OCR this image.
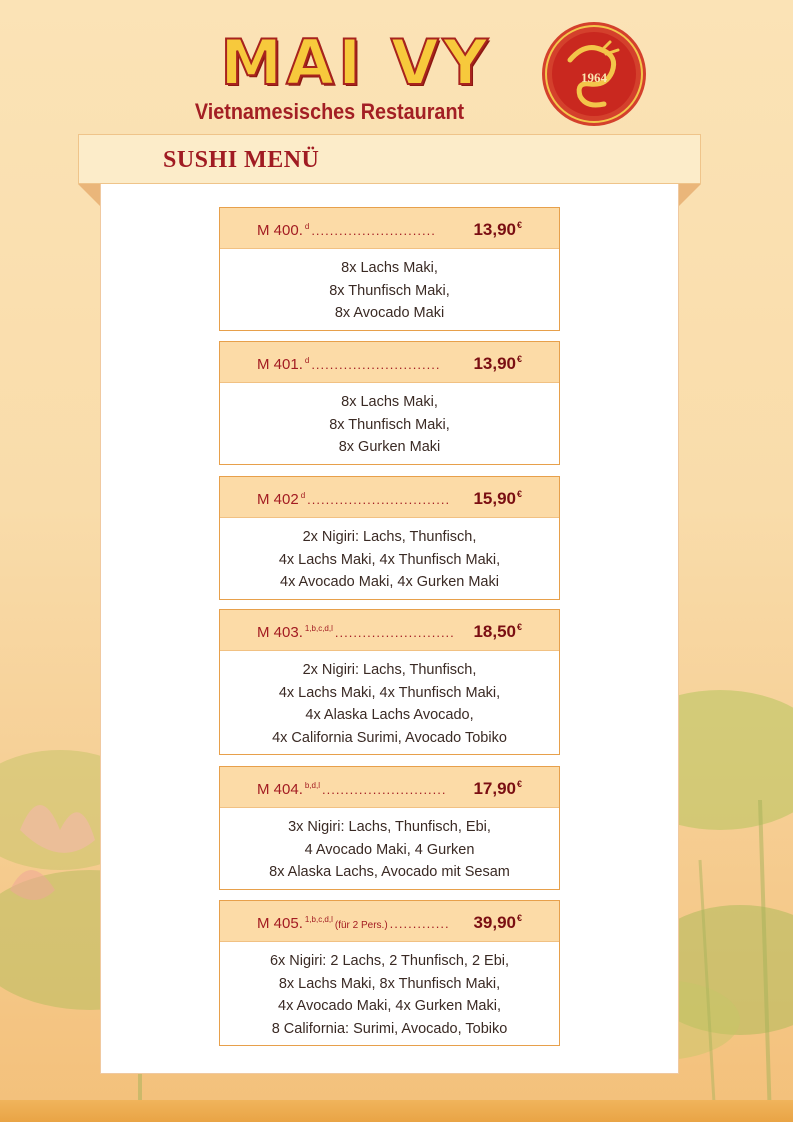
MAI VY
Vietnamesisches Restaurant
1964
SUSHI MENÜ
M 400. $^d$ ........................... 13,90€
8x Lachs Maki,
8x Thunfisch Maki,
8x Avocado Maki
M 401. $^d$ ............................ 13,90€
8x Lachs Maki,
8x Thunfisch Maki,
8x Gurken Maki
M 402 $^d$ ............................... 15,90€
2x Nigiri: Lachs, Thunfisch,
4x Lachs Maki, 4x Thunfisch Maki,
4x Avocado Maki, 4x Gurken Maki
M 403. $^{1,b,c,d,l}$ .......................... 18,50€
2x Nigiri: Lachs, Thunfisch,
4x Lachs Maki, 4x Thunfisch Maki,
4x Alaska Lachs Avocado,
4x California Surimi, Avocado Tobiko
M 404. $^{b,d,l}$ ........................... 17,90€
3x Nigiri: Lachs, Thunfisch, Ebi,
4 Avocado Maki, 4 Gurken
8x Alaska Lachs, Avocado mit Sesam
M 405. $^{1,b,c,d,l}$(für 2 Pers.) ............. 39,90€
6x Nigiri: 2 Lachs, 2 Thunfisch, 2 Ebi,
8x Lachs Maki, 8x Thunfisch Maki,
4x Avocado Maki, 4x Gurken Maki,
8 California: Surimi, Avocado, Tobiko
